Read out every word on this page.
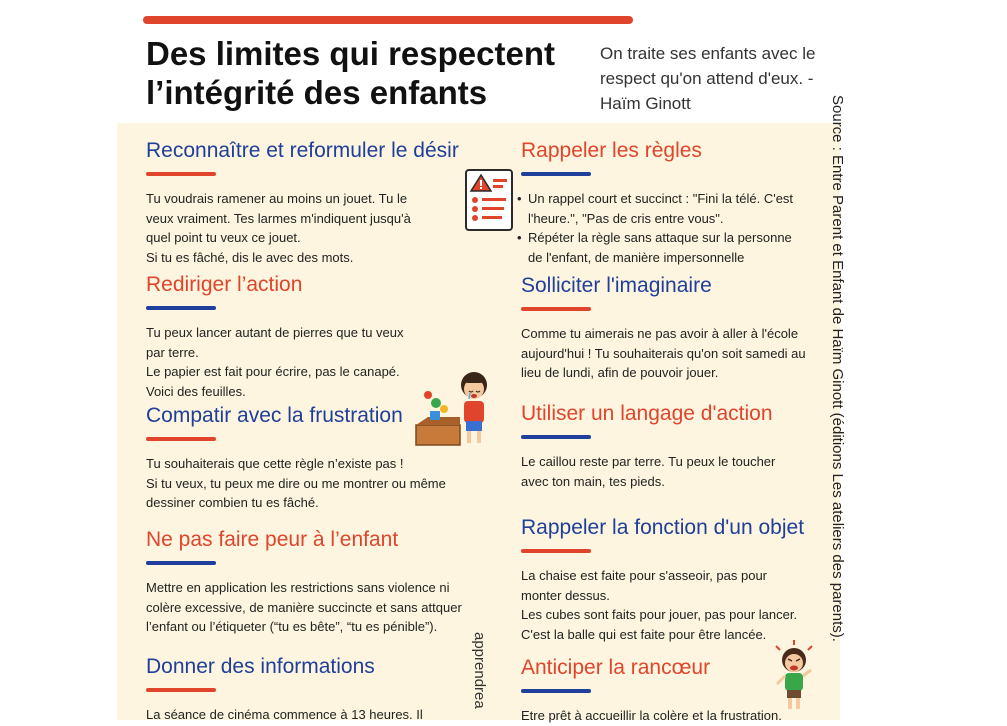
Des limites qui respectent l’intégrité des enfants
On traite ses enfants avec le respect qu'on attend d'eux. - Haïm Ginott	Source : Entre Parent et Enfant de Haïm Ginott (éditions Les ateliers des parents).
apprendrea
Reconnaître et reformuler le désir

Tu voudrais ramener au moins un jouet. Tu le

veux vraiment. Tes larmes m'indiquent jusqu'à

quel point tu veux ce jouet.

Si tu es fâché, dis le avec des mots.

Rediriger l’action

Tu peux lancer autant de pierres que tu veux

par terre.

Le papier est fait pour écrire, pas le canapé.

Voici des feuilles.

Compatir avec la frustration

Tu souhaiterais que cette règle n’existe pas !

Si tu veux, tu peux me dire ou me montrer ou même

dessiner combien tu es fâché.

Ne pas faire peur à l’enfant

Mettre en application les restrictions sans violence ni

colère excessive, de manière succincte et sans attquer

l’enfant ou l’étiqueter (“tu es bête”, “tu es pénible”).

Donner des informations

La séance de cinéma commence à 13 heures. Il

Rappeler les règles
• Un rappel court et succinct : "Fini la télé. C'est
l'heure.", "Pas de cris entre vous".
• Répéter la règle sans attaque sur la personne
de l'enfant, de manière impersonnelle
Solliciter l'imaginaire

Comme tu aimerais ne pas avoir à aller à l'école

aujourd'hui ! Tu souhaiterais qu'on soit samedi au

lieu de lundi, afin de pouvoir jouer.

Utiliser un langage d'action

Le caillou reste par terre. Tu peux le toucher

avec ton main, tes pieds.

Rappeler la fonction d'un objet

La chaise est faite pour s'asseoir, pas pour

monter dessus.

Les cubes sont faits pour jouer, pas pour lancer.

C'est la balle qui est faite pour être lancée.

Anticiper la rancœur

Etre prêt à accueillir la colère et la frustration.
